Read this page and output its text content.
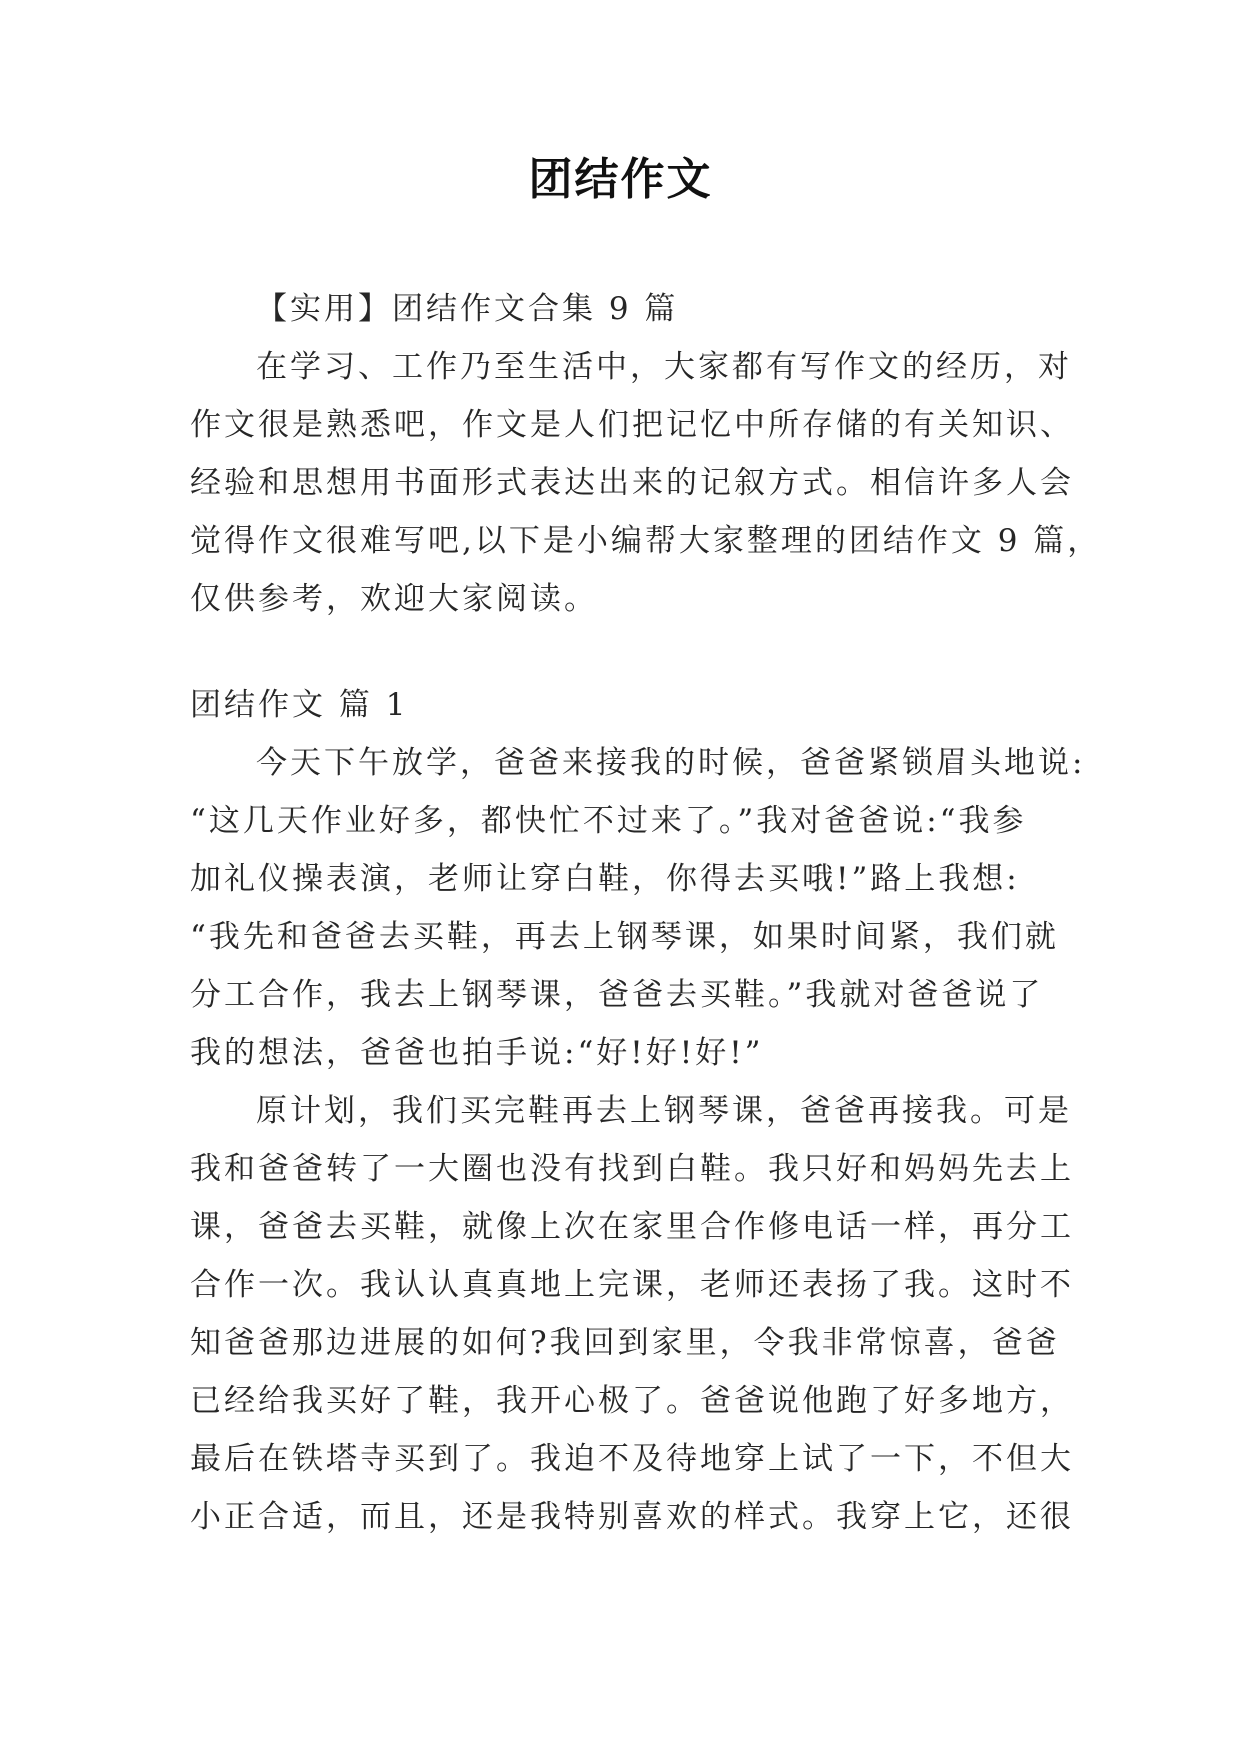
团结作文
【实用】团结作文合集 9 篇
在学习、工作乃至生活中，大家都有写作文的经历，对
作文很是熟悉吧，作文是人们把记忆中所存储的有关知识、
经验和思想用书面形式表达出来的记叙方式。相信许多人会
觉得作文很难写吧,以下是小编帮大家整理的团结作文 9 篇，
仅供参考，欢迎大家阅读。
团结作文 篇 1
今天下午放学，爸爸来接我的时候，爸爸紧锁眉头地说:
“这几天作业好多，都快忙不过来了。”我对爸爸说:“我参
加礼仪操表演，老师让穿白鞋，你得去买哦!”路上我想:
“我先和爸爸去买鞋，再去上钢琴课，如果时间紧，我们就
分工合作，我去上钢琴课，爸爸去买鞋。”我就对爸爸说了
我的想法，爸爸也拍手说:“好!好!好!”
原计划，我们买完鞋再去上钢琴课，爸爸再接我。可是
我和爸爸转了一大圈也没有找到白鞋。我只好和妈妈先去上
课，爸爸去买鞋，就像上次在家里合作修电话一样，再分工
合作一次。我认认真真地上完课，老师还表扬了我。这时不
知爸爸那边进展的如何?我回到家里，令我非常惊喜，爸爸
已经给我买好了鞋，我开心极了。爸爸说他跑了好多地方，
最后在铁塔寺买到了。我迫不及待地穿上试了一下，不但大
小正合适，而且，还是我特别喜欢的样式。我穿上它，还很
